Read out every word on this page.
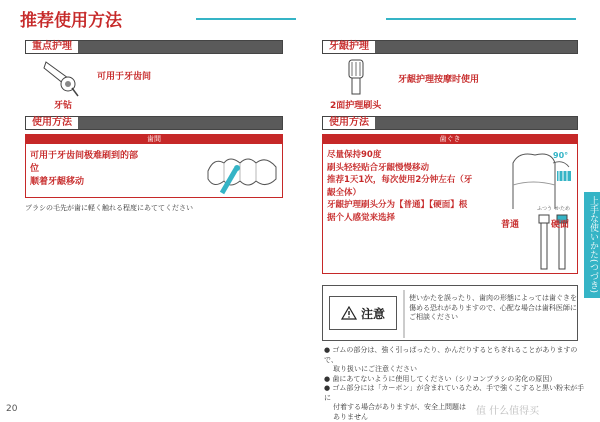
推荐使用方法
重点护理
可用于牙齿间
牙钻
使用方法
歯間
可用于牙齿间极难刷到的部
位
顺着牙龈移动
ブラシの毛先が歯に軽く触れる程度にあててください
牙龈护理
牙龈护理按摩时使用
2面护理刷头
使用方法
歯ぐき
尽量保持90度
刷头轻轻贴合牙龈慢慢移动
推荐1天1次，每次使用2分钟左右（牙
龈全体）
牙龈护理刷头分为【普通】【硬面】根
据个人感觉来选择
90°
普通	硬面
ふつう かため
注意
使いかたを誤ったり、歯肉の形態によっては歯ぐきを
傷める恐れがありますので、心配な場合は歯科医師に
ご相談ください
● ゴムの部分は、強く引っぱったり、かんだりするとちぎれることがありますので、
取り扱いにご注意ください
● 歯にあてないように使用してください（シリコンブラシの劣化の原因）
● ゴム部分には「カーボン」が含まれているため、手で強くこすると黒い粉末が手に
付着する場合がありますが、安全上問題は
ありません
上手な使いかた(つづき)
20	值 什么值得买
